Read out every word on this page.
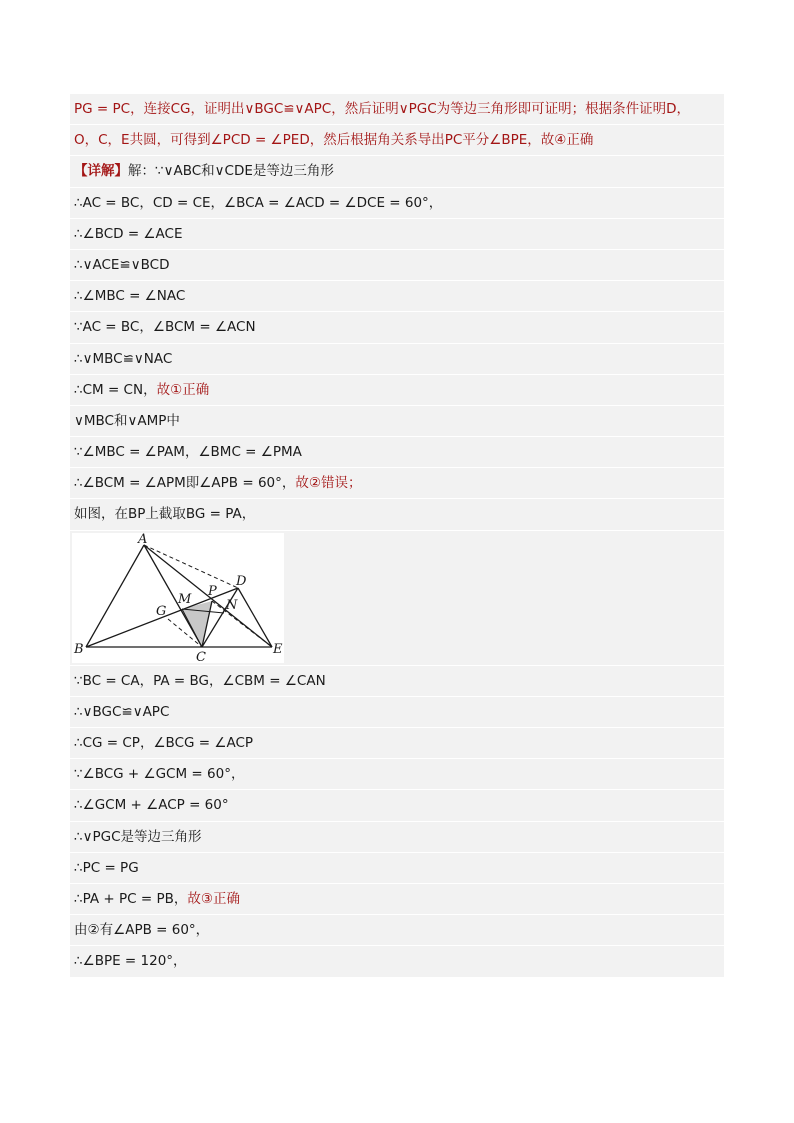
PG = PC，连接CG，证明出∨BGC≌∨APC，然后证明∨PGC为等边三角形即可证明；根据条件证明D，
O，C，E共圆，可得到∠PCD = ∠PED，然后根据角关系导出PC平分∠BPE，故④正确
【详解】解：∵∨ABC和∨CDE是等边三角形
∴AC = BC，CD = CE，∠BCA = ∠ACD = ∠DCE = 60°，
∴∠BCD = ∠ACE
∴∨ACE≌∨BCD
∴∠MBC = ∠NAC
∵AC = BC，∠BCM = ∠ACN
∴∨MBC≌∨NAC
∴CM = CN，故①正确
∨MBC和∨AMP中
∵∠MBC = ∠PAM，∠BMC = ∠PMA
∴∠BCM = ∠APM即∠APB = 60°，故②错误；
如图，在BP上截取BG = PA，
A
B
C
D
E
G
M	N
P
∵BC = CA，PA = BG，∠CBM = ∠CAN
∴∨BGC≌∨APC
∴CG = CP，∠BCG = ∠ACP
∵∠BCG + ∠GCM = 60°，
∴∠GCM + ∠ACP = 60°
∴∨PGC是等边三角形
∴PC = PG
∴PA + PC = PB，故③正确
由②有∠APB = 60°，
∴∠BPE = 120°，
